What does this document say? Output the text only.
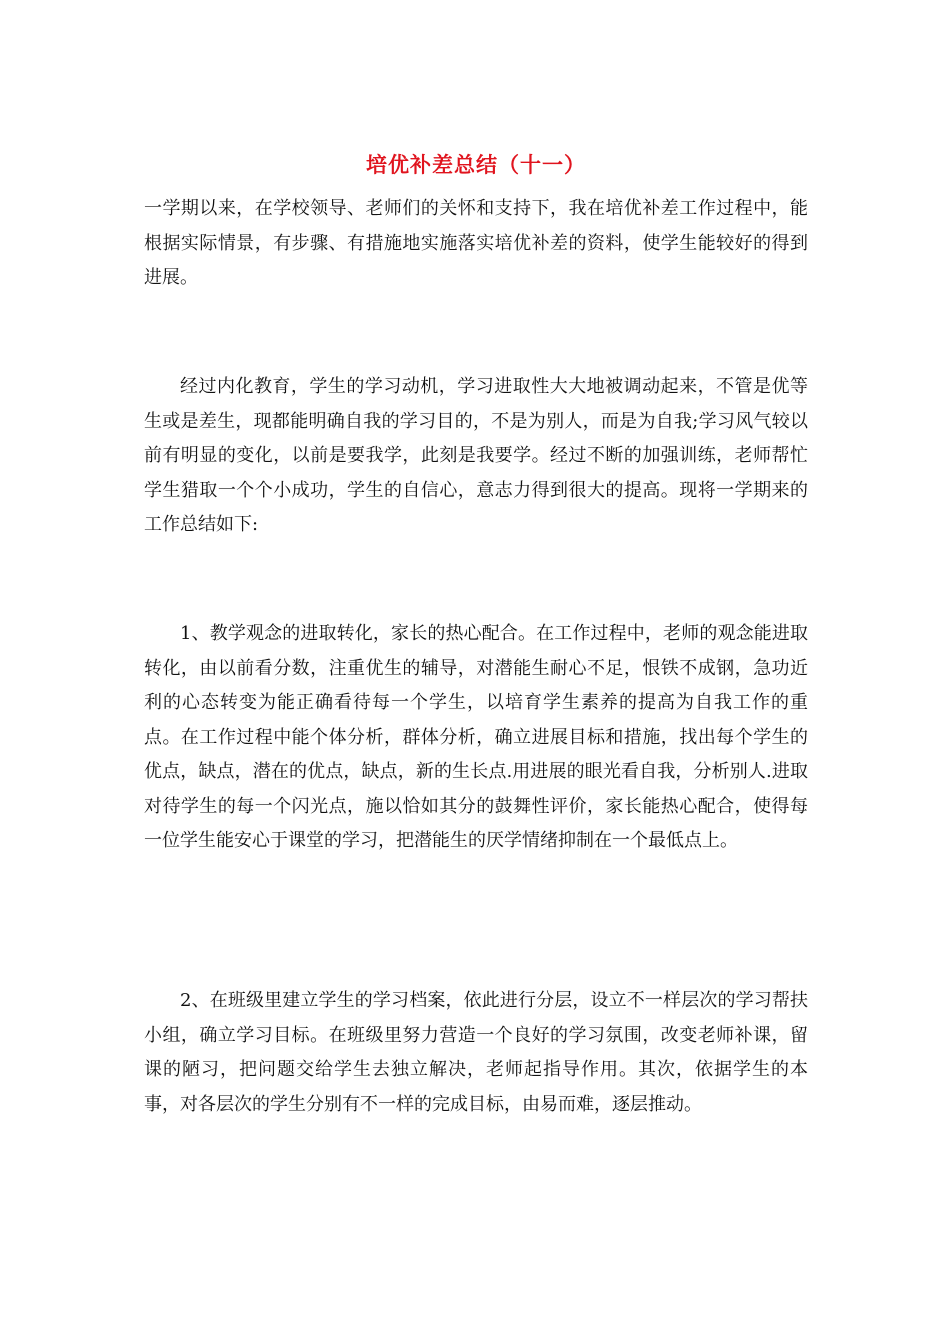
培优补差总结（十一）

一学期以来，在学校领导、老师们的关怀和支持下，我在培优补差工作过程中，能根据实际情景，有步骤、有措施地实施落实培优补差的资料，使学生能较好的得到进展。

经过内化教育，学生的学习动机，学习进取性大大地被调动起来，不管是优等生或是差生，现都能明确自我的学习目的，不是为别人，而是为自我;学习风气较以前有明显的变化，以前是要我学，此刻是我要学。经过不断的加强训练，老师帮忙学生猎取一个个小成功，学生的自信心，意志力得到很大的提高。现将一学期来的工作总结如下:

1、教学观念的进取转化，家长的热心配合。在工作过程中，老师的观念能进取转化，由以前看分数，注重优生的辅导，对潜能生耐心不足，恨铁不成钢，急功近利的心态转变为能正确看待每一个学生，以培育学生素养的提高为自我工作的重点。在工作过程中能个体分析，群体分析，确立进展目标和措施，找出每个学生的优点，缺点，潜在的优点，缺点，新的生长点.用进展的眼光看自我，分析别人.进取对待学生的每一个闪光点，施以恰如其分的鼓舞性评价，家长能热心配合，使得每一位学生能安心于课堂的学习，把潜能生的厌学情绪抑制在一个最低点上。

2、在班级里建立学生的学习档案，依此进行分层，设立不一样层次的学习帮扶小组，确立学习目标。在班级里努力营造一个良好的学习氛围，改变老师补课，留课的陋习，把问题交给学生去独立解决，老师起指导作用。其次，依据学生的本事，对各层次的学生分别有不一样的完成目标，由易而难，逐层推动。
